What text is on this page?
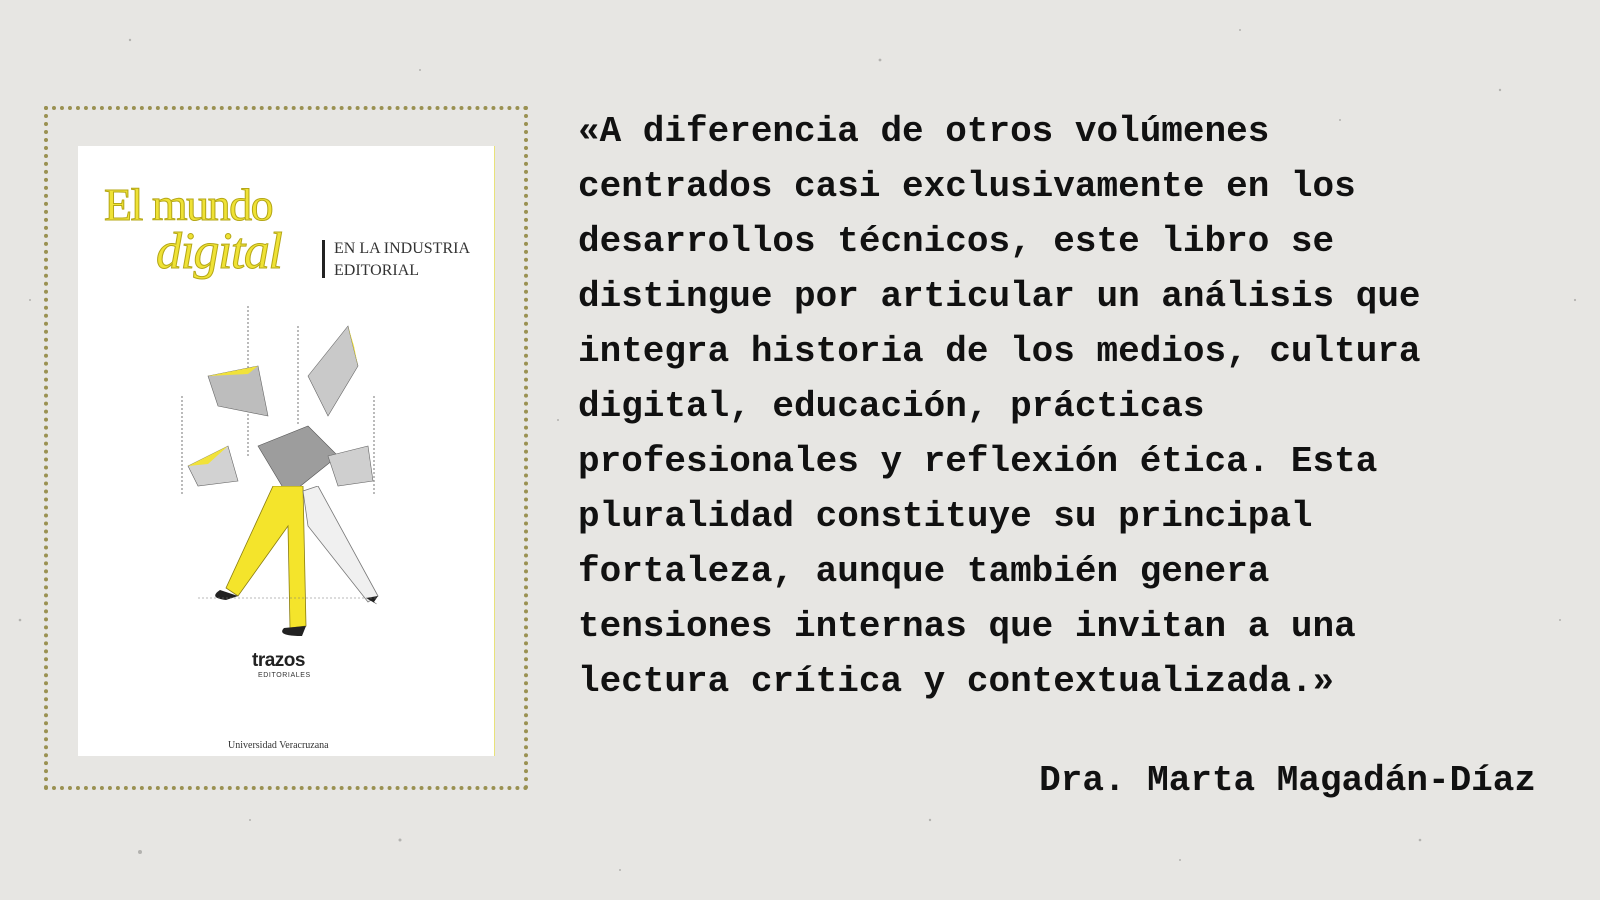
El mundo
digital	EN LA INDUSTRIA
EDITORIAL
trazos
EDITORIALES
Universidad Veracruzana
«A diferencia de otros volúmenes
centrados casi exclusivamente en los
desarrollos técnicos, este libro se
distingue por articular un análisis que
integra historia de los medios, cultura
digital, educación, prácticas
profesionales y reflexión ética. Esta
pluralidad constituye su principal
fortaleza, aunque también genera
tensiones internas que invitan a una
lectura crítica y contextualizada.»
Dra. Marta Magadán-Díaz
